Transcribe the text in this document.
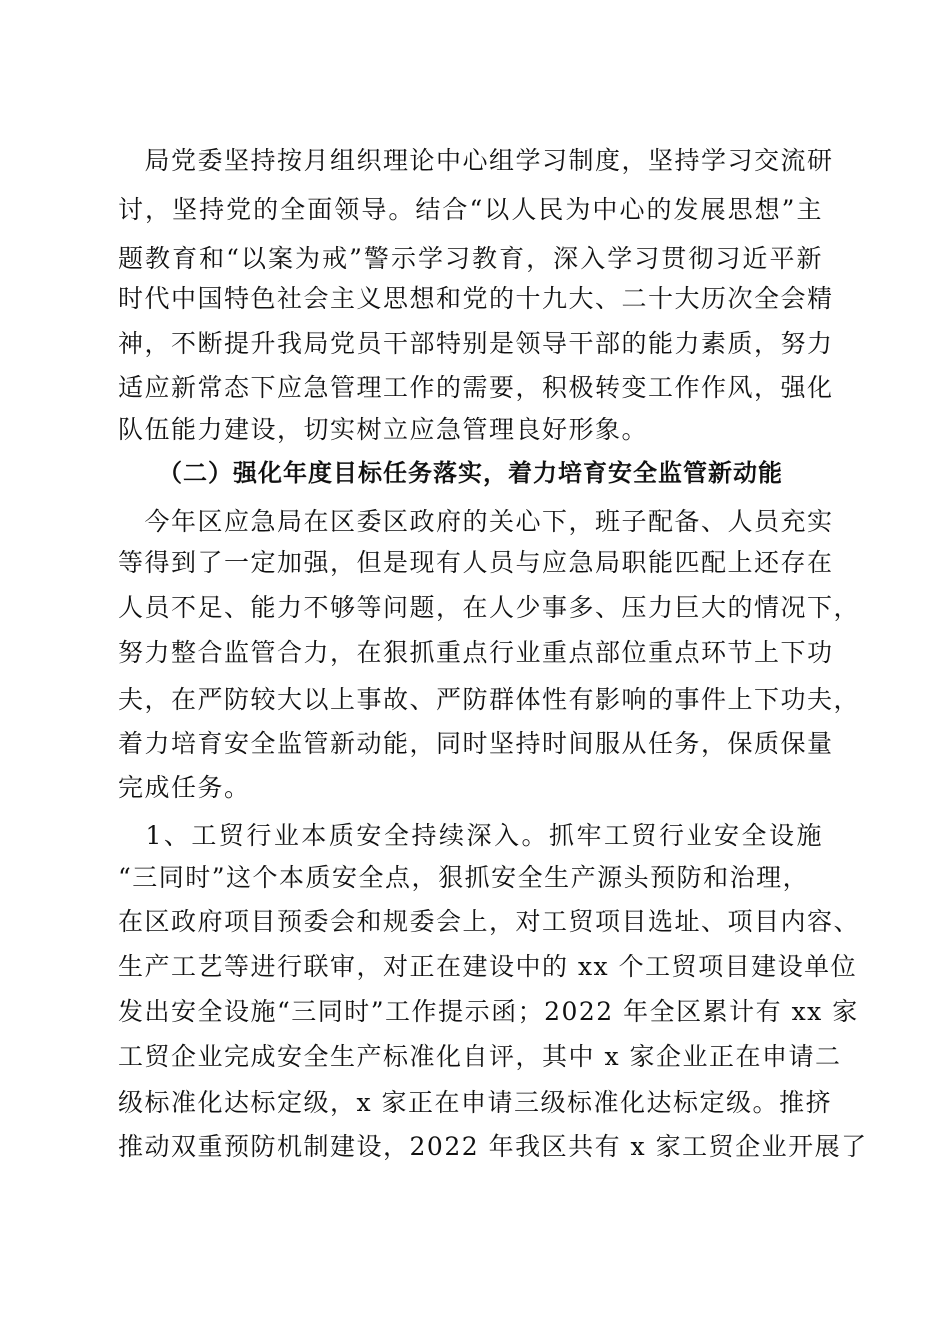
　局党委坚持按月组织理论中心组学习制度，坚持学习交流研
讨，坚持党的全面领导。结合“以人民为中心的发展思想”主
题教育和“以案为戒”警示学习教育，深入学习贯彻习近平新
时代中国特色社会主义思想和党的十九大、二十大历次全会精
神，不断提升我局党员干部特别是领导干部的能力素质，努力
适应新常态下应急管理工作的需要，积极转变工作作风，强化
队伍能力建设，切实树立应急管理良好形象。
（二）强化年度目标任务落实，着力培育安全监管新动能
　今年区应急局在区委区政府的关心下，班子配备、人员充实
等得到了一定加强，但是现有人员与应急局职能匹配上还存在
人员不足、能力不够等问题，在人少事多、压力巨大的情况下，
努力整合监管合力，在狠抓重点行业重点部位重点环节上下功
夫，在严防较大以上事故、严防群体性有影响的事件上下功夫，
着力培育安全监管新动能，同时坚持时间服从任务，保质保量
完成任务。
　1、工贸行业本质安全持续深入。抓牢工贸行业安全设施
“三同时”这个本质安全点，狠抓安全生产源头预防和治理，
在区政府项目预委会和规委会上，对工贸项目选址、项目内容、
生产工艺等进行联审，对正在建设中的 xx 个工贸项目建设单位
发出安全设施“三同时”工作提示函；2022 年全区累计有 xx 家
工贸企业完成安全生产标准化自评，其中 x 家企业正在申请二
级标准化达标定级，x 家正在申请三级标准化达标定级。推挤
推动双重预防机制建设，2022 年我区共有 x 家工贸企业开展了
